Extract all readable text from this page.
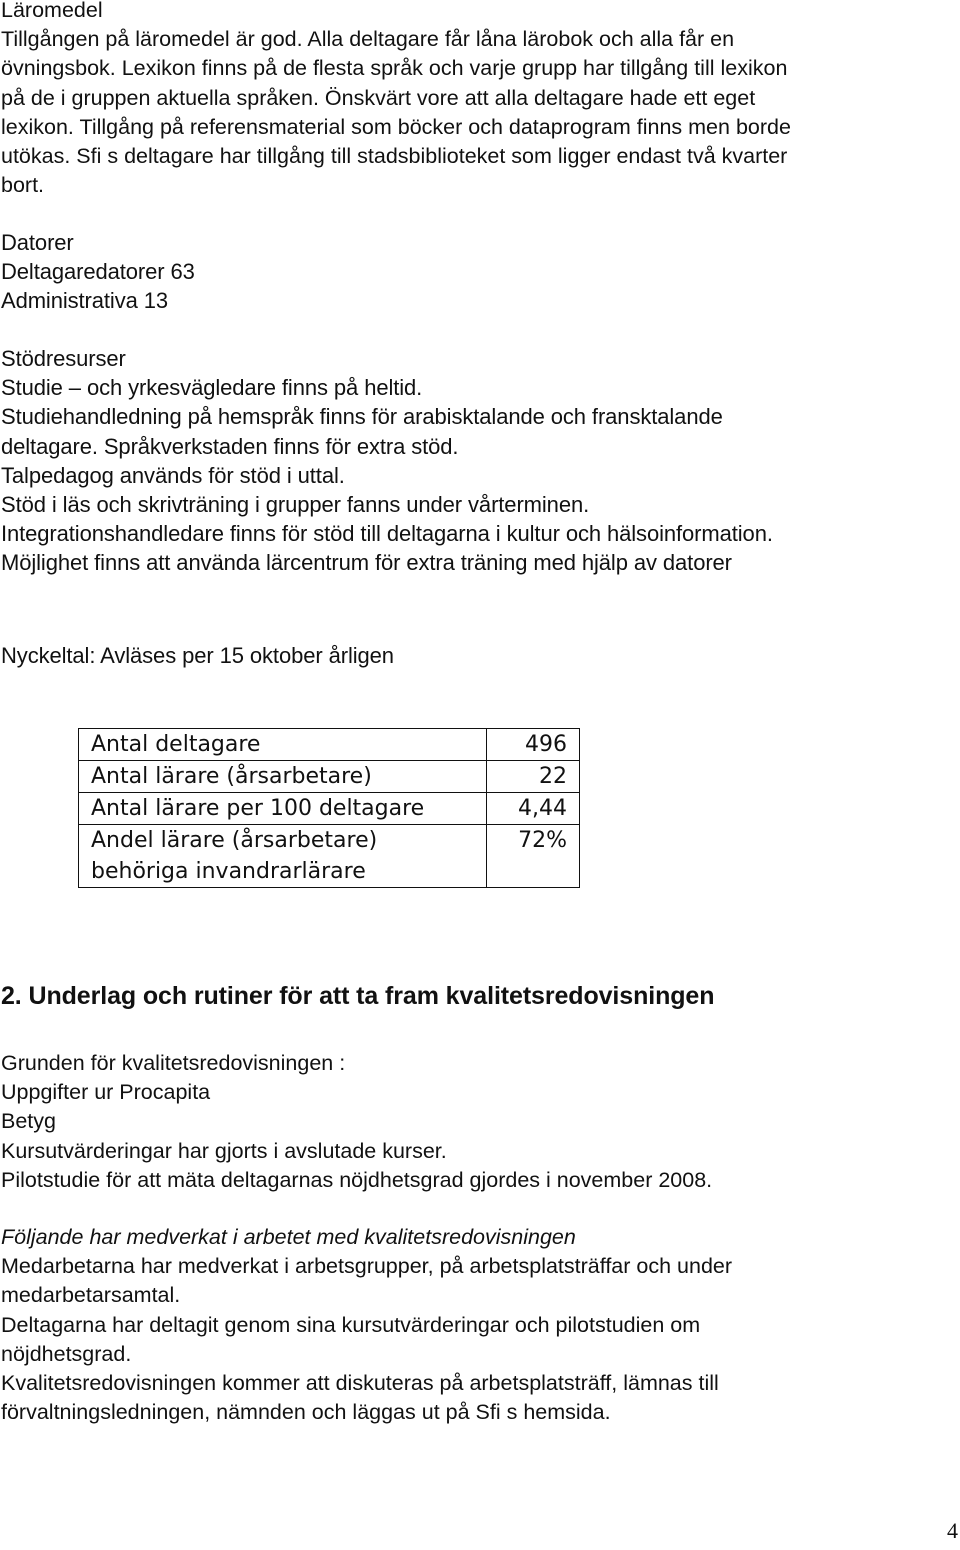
Läromedel
Tillgången på läromedel är god. Alla deltagare får låna lärobok och alla får en
övningsbok. Lexikon finns på de flesta språk och varje grupp har tillgång till lexikon
på de i gruppen aktuella språken. Önskvärt vore att alla deltagare hade ett eget
lexikon. Tillgång på referensmaterial som böcker och dataprogram finns men borde
utökas. Sfi s deltagare har tillgång till stadsbiblioteket som ligger endast två kvarter
bort.
Datorer
Deltagaredatorer 63
Administrativa 13
Stödresurser
Studie – och yrkesvägledare finns på heltid.
Studiehandledning på hemspråk finns för arabisktalande och fransktalande
deltagare. Språkverkstaden finns för extra stöd.
Talpedagog används för stöd i uttal.
Stöd i läs och skrivträning i grupper fanns under vårterminen.
Integrationshandledare finns för stöd till deltagarna i kultur och hälsoinformation.
Möjlighet finns att använda lärcentrum för extra träning med hjälp av datorer
Nyckeltal: Avläses per 15 oktober årligen
Antal deltagare	496
Antal lärare (årsarbetare)	22
Antal lärare per 100 deltagare	4,44

Andel lärare (årsarbetare)
behöriga invandrarlärare	72%
2. Underlag och rutiner för att ta fram kvalitetsredovisningen
Grunden för kvalitetsredovisningen :
Uppgifter ur Procapita
Betyg
Kursutvärderingar har gjorts i avslutade kurser.
Pilotstudie för att mäta deltagarnas nöjdhetsgrad gjordes i november 2008.
Följande har medverkat i arbetet med kvalitetsredovisningen
Medarbetarna har medverkat i arbetsgrupper, på arbetsplatsträffar och under
medarbetarsamtal.
Deltagarna har deltagit genom sina kursutvärderingar och pilotstudien om
nöjdhetsgrad.
Kvalitetsredovisningen kommer att diskuteras på arbetsplatsträff, lämnas till
förvaltningsledningen, nämnden och läggas ut på Sfi s hemsida.
4
